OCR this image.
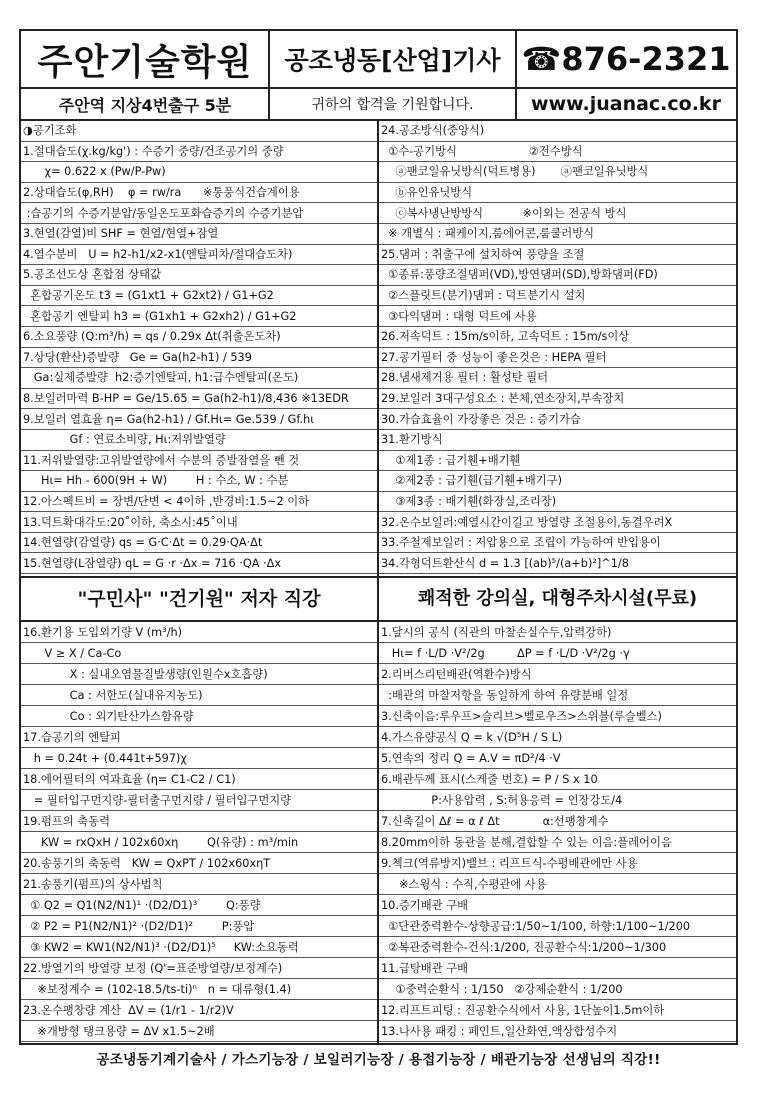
주안기술학원 공조냉동[산업]기사 ☎876-2321
주안역 지상4번출구 5분	귀하의 합격을 기원합니다.	www.juanac.co.kr
◑공기조화
1.절대습도(χ.kg/kg') : 수증기 중량/건조공기의 중량
χ= 0.622 x (Pw/P-Pw)
2.상대습도(φ,RH)    φ = rw/ra      ※통풍식건습계이용
:습공기의 수증기분압/동일온도포화습증기의 수증기분압
3.현열(감열)비 SHF = 현열/현열+잠열
4.열수분비   U = h2-h1/x2-x1(엔탈피차/절대습도차)
5.공조선도상 혼합점 상태값
혼합공기온도 t3 = (G1xt1 + G2xt2) / G1+G2
혼합공기 엔탈피 h3 = (G1xh1 + G2xh2) / G1+G2
6.소요풍량 (Q:m³/h) = qs / 0.29x Δt(취출온도차)
7.상당(환산)증발량   Ge = Ga(h2-h1) / 539
Ga:실제증발량  h2:증기엔탈피, h1:급수엔탈피(온도)
8.보일러마력 B-HP = Ge/15.65 = Ga(h2-h1)/8,436 ※13EDR
9.보일러 열효율 η= Ga(h2-h1) / Gf.Hι= Ge.539 / Gf.hι
Gf : 연료소비량, Hι:저위발열량
11.저위발열량:고위발열량에서 수분의 증발잠열을 뺀 것
Hι= Hh - 600(9H + W)        H : 수소, W : 수분
12.아스펙트비 = 장변/단변 < 4이하 ,반경비:1.5~2 이하
13.덕트확대각도:20˚이하, 축소시:45˚이내
14.현열량(감열량) qs = G·C·Δt = 0.29·QA·Δt
15.현열량(L잠열량) qL = G ·r ·Δx = 716 ·QA ·Δx
24.공조방식(중앙식)
①수-공기방식                    ②전수방식
ⓐ팬코일유닛방식(덕트병용)       ⓐ팬코일유닛방식
ⓑ유인유닛방식
ⓒ복사냉난방방식           ※이외는 전공식 방식
※ 개별식 : 패케이지,룸에어콘,룸쿨러방식
25.댐퍼 : 취출구에 설치하여 풍량을 조절
①종류:풍량조절댐퍼(VD),방연댐퍼(SD),방화댐퍼(FD)
②스플릿트(분기)댐퍼 : 덕트분기시 설치
③다익댐퍼 : 대형 덕트에 사용
26.저속덕트 : 15m/s이하, 고속덕트 : 15m/s이상
27.공기필터 중 성능이 좋은것은 : HEPA 필터
28.냄새제거용 필터 : 활성탄 필터
29.보일러 3대구성요소 : 본체,연소장치,부속장치
30.가습효율이 가장좋은 것은 : 증기가습
31.환기방식
①제1종 : 급기휀+배기휀
②제2종 : 급기휀(급기휀+배기구)
③제3종 : 배기휀(화장실,조리장)
32.온수보일러:예열시간이길고 방열량 조절용이,동결우려X
33.주철제보일러 : 저압용으로 조립이 가능하여 반입용이
34.각형덕트환산식 d = 1.3 [(ab)⁵/(a+b)²]^1/8
"구민사" "건기원" 저자 직강	쾌적한 강의실, 대형주차시설(무료)
16.환기용 도입외기량 V (m³/h)
V ≥ X / Ca-Co
X : 실내오염물질발생량(인원수x호흡량)
Ca : 서한도(실내유지농도)
Co : 외기탄산가스함유량
17.습공기의 엔탈피
h = 0.24t + (0.441t+597)χ
18.에어필터의 여과효율 (η= C1-C2 / C1)
= 필터입구먼지량-필터출구먼지량 / 필터입구먼지량
19.펌프의 축동력
KW = rxQxH / 102x60xη        Q(유량) : m³/min
20.송풍기의 축동력   KW = QxPT / 102x60xηT
21.송풍기(펌프)의 상사법칙
① Q2 = Q1(N2/N1)¹ ·(D2/D1)³        Q:풍량
② P2 = P1(N2/N1)² ·(D2/D1)²        P:풍압
③ KW2 = KW1(N2/N1)³ ·(D2/D1)⁵     KW:소요동력
22.방열기의 방열량 보정 (Q'=표준방열량/보정계수)
※보정계수 = (102-18.5/ts-ti)ⁿ   n = 대류형(1.4)
23.온수팽창량 계산  ΔV = (1/r1 - 1/r2)V
※개방형 탱크용량 = ΔV x1.5~2배
1.달시의 공식 (직관의 마찰손실수두,압력강하)
Hι= f ·L/D ·V²/2g         ΔP = f ·L/D ·V²/2g ·γ
2.리버스리턴배관(역환수)방식
:배관의 마찰저항을 동일하게 하여 유량분배 일정
3.신축이음:루우프>슬리브>벨로우즈>스위블(루슬벨스)
4.가스유량공식 Q = k √(D⁵H / S L)
5.연속의 정리 Q = A.V = πD²/4 ·V
6.배관두께 표시(스케줄 번호) = P / S x 10
P:사용압력 , S:허용응력 = 인장강도/4
7.신축길이 Δℓ = α ℓ Δt            α:선팽창계수
8.20mm이하 동관을 분해,결합할 수 있는 이음:플레어이음
9.첵크(역류방지)밸브 : 리프트식-수평배관에만 사용
※스윙식 : 수직,수평관에 사용
10.증기배관 구배
①단관중력환수-상향공급:1/50~1/100, 하향:1/100~1/200
②복관중력환수-건식:1/200, 진공환수식:1/200~1/300
11.급탕배관 구배
①중력순환식 : 1/150   ②강제순환식 : 1/200
12.리프트피팅 : 진공환수식에서 사용, 1단높이1.5m이하
13.나사용 패킹 : 페인트,일산화연,액상합성수지
공조냉동기계기술사 / 가스기능장 / 보일러기능장 / 용접기능장 / 배관기능장 선생님의 직강!!
